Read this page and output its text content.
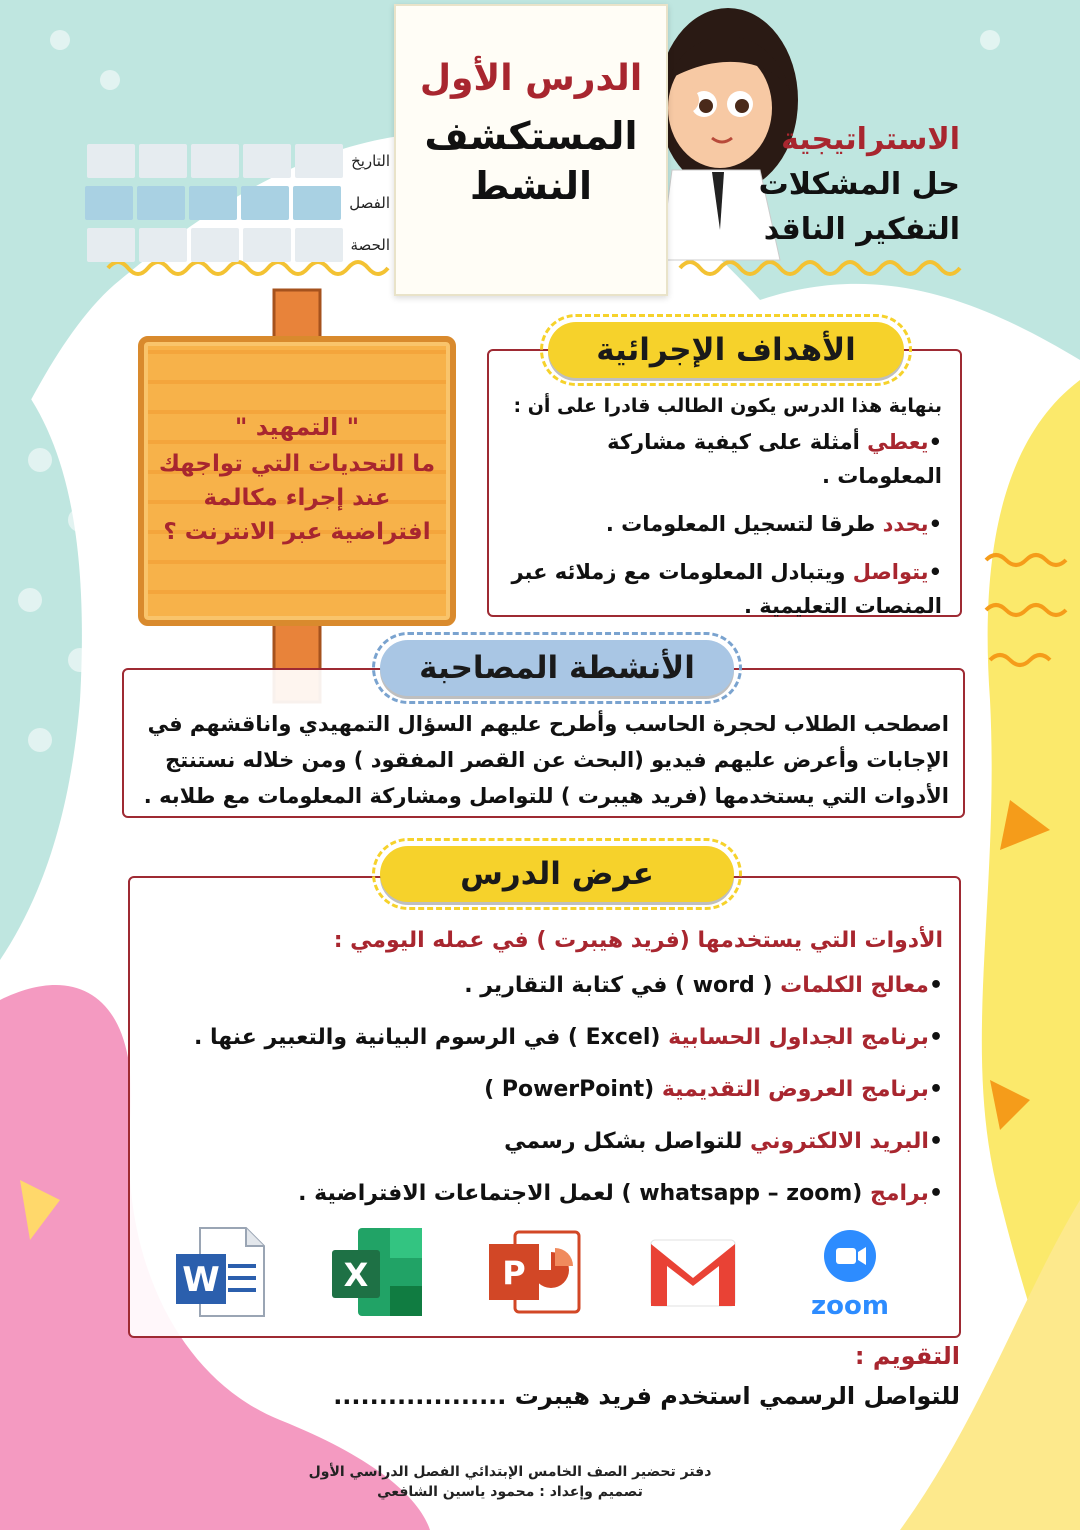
الدرس الأول
المستكشف
النشط
الاستراتيجية
حل المشكلات
التفكير الناقد
التاريخ
الفصل
الحصة
" التمهيد "
ما التحديات التي تواجهك عند إجراء مكالمة افتراضية عبر الانترنت ؟
بنهاية هذا الدرس يكون الطالب قادرا على أن :
•يعطي أمثلة على كيفية مشاركة المعلومات .
•يحدد طرقا لتسجيل المعلومات .
•يتواصل ويتبادل المعلومات مع زملائه عبر المنصات التعليمية .
الأهداف الإجرائية
اصطحب الطلاب لحجرة الحاسب وأطرح عليهم السؤال التمهيدي واناقشهم في الإجابات وأعرض عليهم فيديو (البحث عن القصر المفقود ) ومن خلاله نستنتج الأدوات التي يستخدمها (فريد هيبرت ) للتواصل ومشاركة المعلومات مع طلابه .
الأنشطة المصاحبة
الأدوات التي يستخدمها (فريد هيبرت ) في عمله اليومي :
•معالج الكلمات ( word ) في كتابة التقارير .
•برنامج الجداول الحسابية (Excel ) في الرسوم البيانية والتعبير عنها .
•برنامج العروض التقديمية (PowerPoint )
•البريد الالكتروني للتواصل بشكل رسمي
•برامج (whatsapp – zoom ) لعمل الاجتماعات الافتراضية .
عرض الدرس
W	X	P
zoom
التقويم :
للتواصل الرسمي استخدم فريد هيبرت ...................
دفتر تحضير الصف الخامس الإبتدائي الفصل الدراسي الأول
تصميم وإعداد : محمود ياسين الشافعي
